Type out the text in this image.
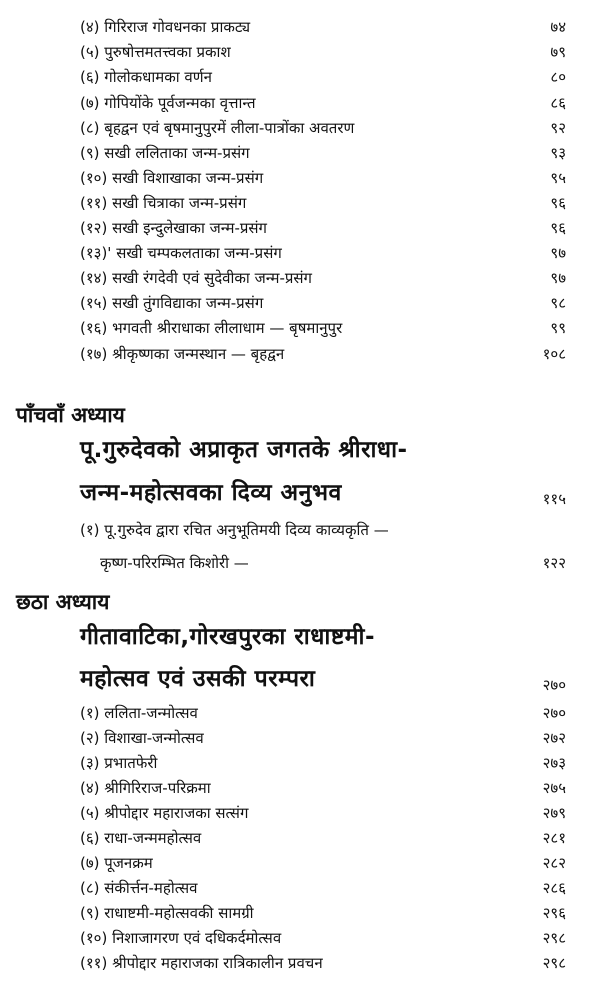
(४) गिरिराज गोवधनका प्राकट्य	७४
(५) पुरुषोत्तमतत्त्वका प्रकाश	७९
(६) गोलोकधामका वर्णन	८०
(७) गोपियोंके पूर्वजन्मका वृत्तान्त	८६
(८) बृहद्वन एवं बृषमानुपुरमें लीला-पात्रोंका अवतरण	९२
(९) सखी ललिताका जन्म-प्रसंग	९३
(१०) सखी विशाखाका जन्म-प्रसंग	९५
(११) सखी चित्राका जन्म-प्रसंग	९६
(१२) सखी इन्दुलेखाका जन्म-प्रसंग	९६
(१३)' सखी चम्पकलताका जन्म-प्रसंग	९७
(१४) सखी रंगदेवी एवं सुदेवीका जन्म-प्रसंग	९७
(१५) सखी तुंगविद्याका जन्म-प्रसंग	९८
(१६) भगवती श्रीराधाका लीलाधाम — बृषमानुपुर	९९
(१७) श्रीकृष्णका जन्मस्थान — बृहद्वन	१०८
पाँचवाँ अध्याय
पू.गुरुदेवको अप्राकृत जगतके श्रीराधा-
जन्म-महोत्सवका दिव्य अनुभव	११५
(१) पू.गुरुदेव द्वारा रचित अनुभूतिमयी दिव्य काव्यकृति —
कृष्ण-परिरम्भित किशोरी —	१२२
छठा अध्याय
गीतावाटिका,गोरखपुरका राधाष्टमी-
महोत्सव एवं उसकी परम्परा	२७०
(१) ललिता-जन्मोत्सव	२७०
(२) विशाखा-जन्मोत्सव	२७२
(३) प्रभातफेरी	२७३
(४) श्रीगिरिराज-परिक्रमा	२७५
(५) श्रीपोद्दार महाराजका सत्संग	२७९
(६) राधा-जन्ममहोत्सव	२८१
(७) पूजनक्रम	२८२
(८) संकीर्त्तन-महोत्सव	२८६
(९) राधाष्टमी-महोत्सवकी सामग्री	२९६
(१०) निशाजागरण एवं दधिकर्दमोत्सव	२९८
(११) श्रीपोद्दार महाराजका रात्रिकालीन प्रवचन	२९८
